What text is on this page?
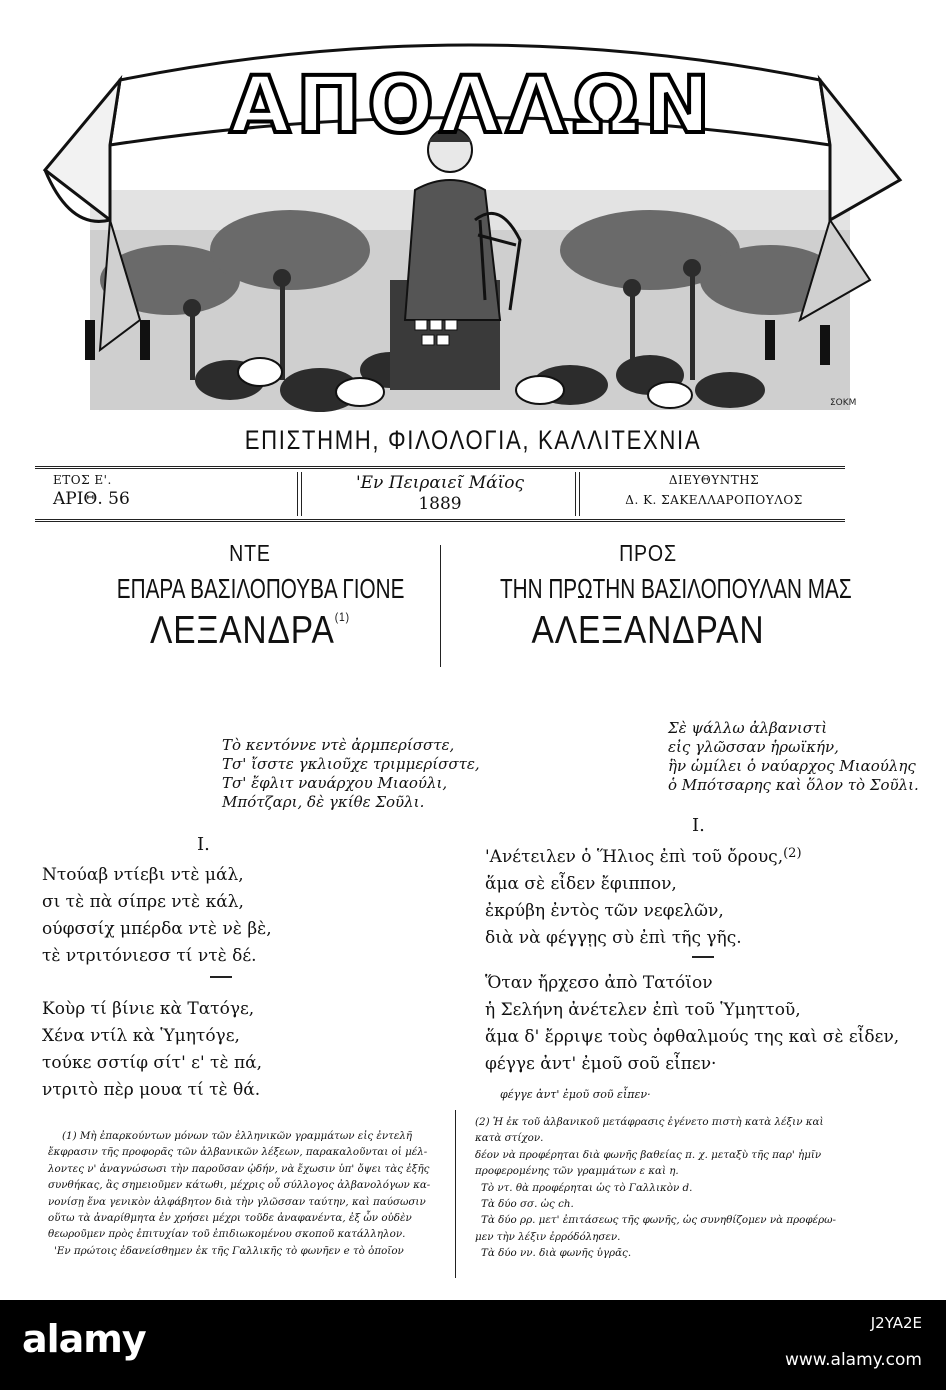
ΑΠΟΛΛΩΝ
ΣΟΚΜ
ΕΠΙΣΤΗΜΗ, ΦΙΛΟΛΟΓΙΑ, ΚΑΛΛΙΤΕΧΝΙΑ
ΕΤΟΣ Ε'.
ΑΡΙΘ. 56
'Εν Πειραιεῖ Μάϊος
1889
ΔΙΕΥΘΥΝΤΗΣ
Δ. Κ. ΣΑΚΕΛΛΑΡΟΠΟΥΛΟΣ
ΝΤΕ
ΕΠΑΡΑ ΒΑΣΙΛΟΠΟΥΒΑ ΓΙΟΝΕ
ΛΕΞΑΝΔΡΑ$^{(1)}$
ΠΡΟΣ
ΤΗΝ ΠΡΩΤΗΝ ΒΑΣΙΛΟΠΟΥΛΑΝ ΜΑΣ
ΑΛΕΞΑΝΔΡΑΝ
Τὸ κεντόννε ντὲ ἀρμπερίσστε,
Τσ' ἴσστε γκλιοῦχε τριμμερίσστε,
Τσ' ἔφλιτ ναυάρχου Μιαούλι,
Μπότζαρι, δὲ γκίθε Σοῦλι.
Σὲ ψάλλω ἀλβανιστὶ
εἰς γλῶσσαν ἡρωϊκήν,
ἣν ὡμίλει ὁ ναύαρχος Μιαούλης
ὁ Μπότσαρης καὶ ὅλον τὸ Σοῦλι.
I.
I.
Ντούαβ ντίεβι ντὲ μάλ,
σι τὲ πὰ σίπρε ντὲ κάλ,
ούφσσίχ μπέρδα ντὲ νὲ βὲ,
τὲ ντριτόνιεσσ τί ντὲ δέ.
Κοὺρ τί βίνιε κὰ Τατόγε,
Χένα ντίλ κὰ Ὑμητόγε,
τούκε σστίφ σίτ' ε' τὲ πά,
ντριτὸ πὲρ μουα τί τὲ θά.
'Ανέτειλεν ὁ Ἥλιος ἐπὶ τοῦ ὄρους,$^{(2)}$
ἅμα σὲ εἶδεν ἔφιππον,
ἐκρύβη ἐντὸς τῶν νεφελῶν,
διὰ νὰ φέγγῃς σὺ ἐπὶ τῆς γῆς.
Ὅταν ἤρχεσο ἀπὸ Τατόϊον
ἡ Σελήνη ἀνέτελεν ἐπὶ τοῦ Ὑμηττοῦ,
ἅμα δ' ἔρριψε τοὺς ὀφθαλμούς της καὶ σὲ εἶδεν,
φέγγε ἀντ' ἐμοῦ σοῦ εἶπεν·
φέγγε ἀντ' ἐμοῦ σοῦ εἶπεν·
(1) Μὴ ἐπαρκούντων μόνων τῶν ἑλληνικῶν γραμμάτων εἰς ἐντελῆ
ἔκφρασιν τῆς προφορᾶς τῶν ἀλβανικῶν λέξεων, παρακαλοῦνται οἱ μέλ-
λοντες ν' ἀναγνώσωσι τὴν παροῦσαν ᾠδήν, νὰ ἔχωσιν ὑπ' ὄψει τὰς ἐξῆς
συνθήκας, ἃς σημειοῦμεν κάτωθι, μέχρις οὗ σύλλογος ἀλβανολόγων κα-
νονίσῃ ἕνα γενικὸν ἀλφάβητον διὰ τὴν γλῶσσαν ταύτην, καὶ παύσωσιν
οὕτω τὰ ἀναρίθμητα ἐν χρήσει μέχρι τοῦδε ἀναφανέντα, ἐξ ὧν οὐδὲν
θεωροῦμεν πρὸς ἐπιτυχίαν τοῦ ἐπιδιωκομένου σκοποῦ κατάλληλον.
'Εν πρώτοις ἐδανείσθημεν ἐκ τῆς Γαλλικῆς τὸ φωνῆεν e τὸ ὁποῖον
(2) Ἡ ἐκ τοῦ ἀλβανικοῦ μετάφρασις ἐγένετο πιστὴ κατὰ λέξιν καὶ
κατὰ στίχον.
δέον νὰ προφέρηται διὰ φωνῆς βαθείας π. χ. μεταξὺ τῆς παρ' ἡμῖν
προφερομένης τῶν γραμμάτων ε καὶ η.
Τὸ ντ. θὰ προφέρηται ὡς τὸ Γαλλικὸν d.
Τὰ δύο σσ. ὡς ch.
Τὰ δύο ρρ. μετ' ἐπιτάσεως τῆς φωνῆς, ὡς συνηθίζομεν νὰ προφέρω-
μεν τὴν λέξιν ἐρρόδόλησεν.
Τὰ δύο νν. διὰ φωνῆς ὑγρᾶς.
alamy	J2YA2E
www.alamy.com
